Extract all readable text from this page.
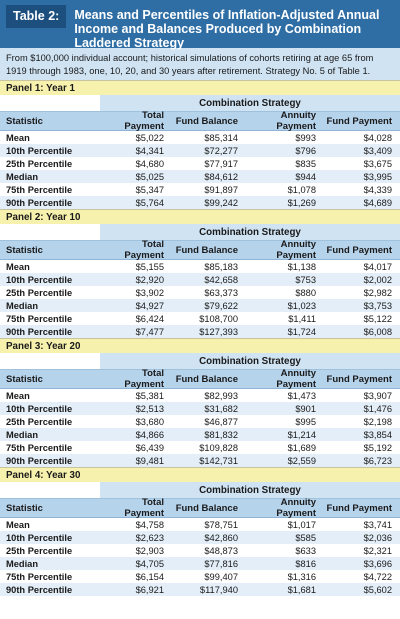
Table 2:	Means and Percentiles of Inflation-Adjusted Annual Income and Balances Produced by Combination Laddered Strategy
From $100,000 individual account; historical simulations of cohorts retiring at age 65 from 1919 through 1983, one, 10, 20, and 30 years after retirement. Strategy No. 5 of Table 1.
Panel 1: Year 1
Combination Strategy
Statistic	Total Payment	Fund Balance	Annuity Payment	Fund Payment
Mean	$5,022	$85,314	$993	$4,028
10th Percentile	$4,341	$72,277	$796	$3,409
25th Percentile	$4,680	$77,917	$835	$3,675
Median	$5,025	$84,612	$944	$3,995
75th Percentile	$5,347	$91,897	$1,078	$4,339
90th Percentile	$5,764	$99,242	$1,269	$4,689
Panel 2: Year 10
Combination Strategy
Statistic	Total Payment	Fund Balance	Annuity Payment	Fund Payment
Mean	$5,155	$85,183	$1,138	$4,017
10th Percentile	$2,920	$42,658	$753	$2,002
25th Percentile	$3,902	$63,373	$880	$2,982
Median	$4,927	$79,622	$1,023	$3,753
75th Percentile	$6,424	$108,700	$1,411	$5,122
90th Percentile	$7,477	$127,393	$1,724	$6,008
Panel 3: Year 20
Combination Strategy
Statistic	Total Payment	Fund Balance	Annuity Payment	Fund Payment
Mean	$5,381	$82,993	$1,473	$3,907
10th Percentile	$2,513	$31,682	$901	$1,476
25th Percentile	$3,680	$46,877	$995	$2,198
Median	$4,866	$81,832	$1,214	$3,854
75th Percentile	$6,439	$109,828	$1,689	$5,192
90th Percentile	$9,481	$142,731	$2,559	$6,723
Panel 4: Year 30
Combination Strategy
Statistic	Total Payment	Fund Balance	Annuity Payment	Fund Payment
Mean	$4,758	$78,751	$1,017	$3,741
10th Percentile	$2,623	$42,860	$585	$2,036
25th Percentile	$2,903	$48,873	$633	$2,321
Median	$4,705	$77,816	$816	$3,696
75th Percentile	$6,154	$99,407	$1,316	$4,722
90th Percentile	$6,921	$117,940	$1,681	$5,602
